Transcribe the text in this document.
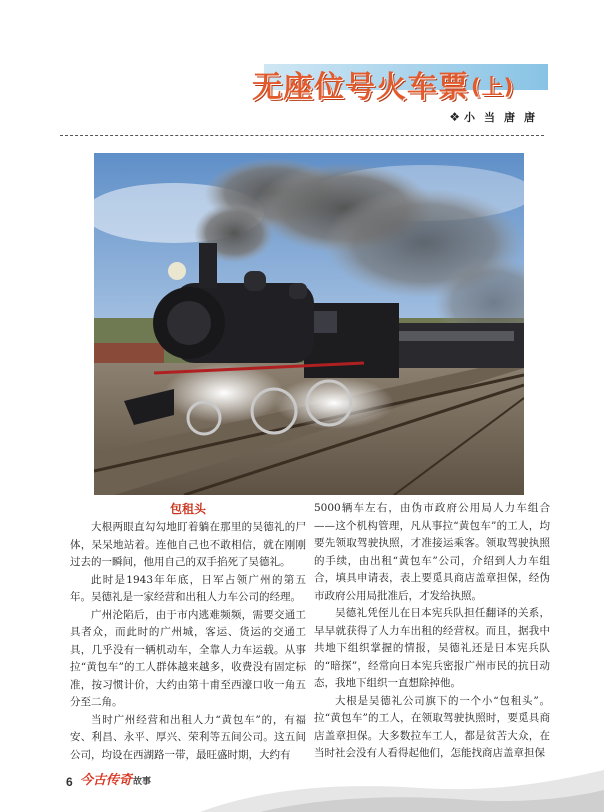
无座位号火车票(上)
❖ 小当唐唐
包租头

大根两眼直勾勾地盯着躺在那里的吴德礼的尸体，呆呆地站着。连他自己也不敢相信，就在刚刚过去的一瞬间，他用自己的双手掐死了吴德礼。

此时是1943年年底，日军占领广州的第五年。吴德礼是一家经营和出租人力车公司的经理。

广州沦陷后，由于市内逃难频频，需要交通工具者众，而此时的广州城，客运、货运的交通工具，几乎没有一辆机动车，全靠人力车运载。从事拉“黄包车”的工人群体越来越多，收费没有固定标准，按习惯计价，大约由第十甫至西濠口收一角五分至二角。

当时广州经营和出租人力“黄包车”的，有福安、利昌、永平、厚兴、荣利等五间公司。这五间公司，均设在西湖路一带，最旺盛时期，大约有

5000辆车左右，由伪市政府公用局人力车组合——这个机构管理，凡从事拉“黄包车”的工人，均要先领取驾驶执照，才准接运乘客。领取驾驶执照的手续，由出租“黄包车”公司，介绍到人力车组合，填具申请表，表上要觅具商店盖章担保，经伪市政府公用局批准后，才发给执照。

吴德礼凭侄儿在日本宪兵队担任翻译的关系，早早就获得了人力车出租的经营权。而且，据我中共地下组织掌握的情报，吴德礼还是日本宪兵队的“暗探”，经常向日本宪兵密报广州市民的抗日动态，我地下组织一直想除掉他。

大根是吴德礼公司旗下的一个小“包租头”。拉“黄包车”的工人，在领取驾驶执照时，要觅具商店盖章担保。大多数拉车工人，都是贫苦大众，在当时社会没有人看得起他们，怎能找商店盖章担保

6 今古传奇故事
